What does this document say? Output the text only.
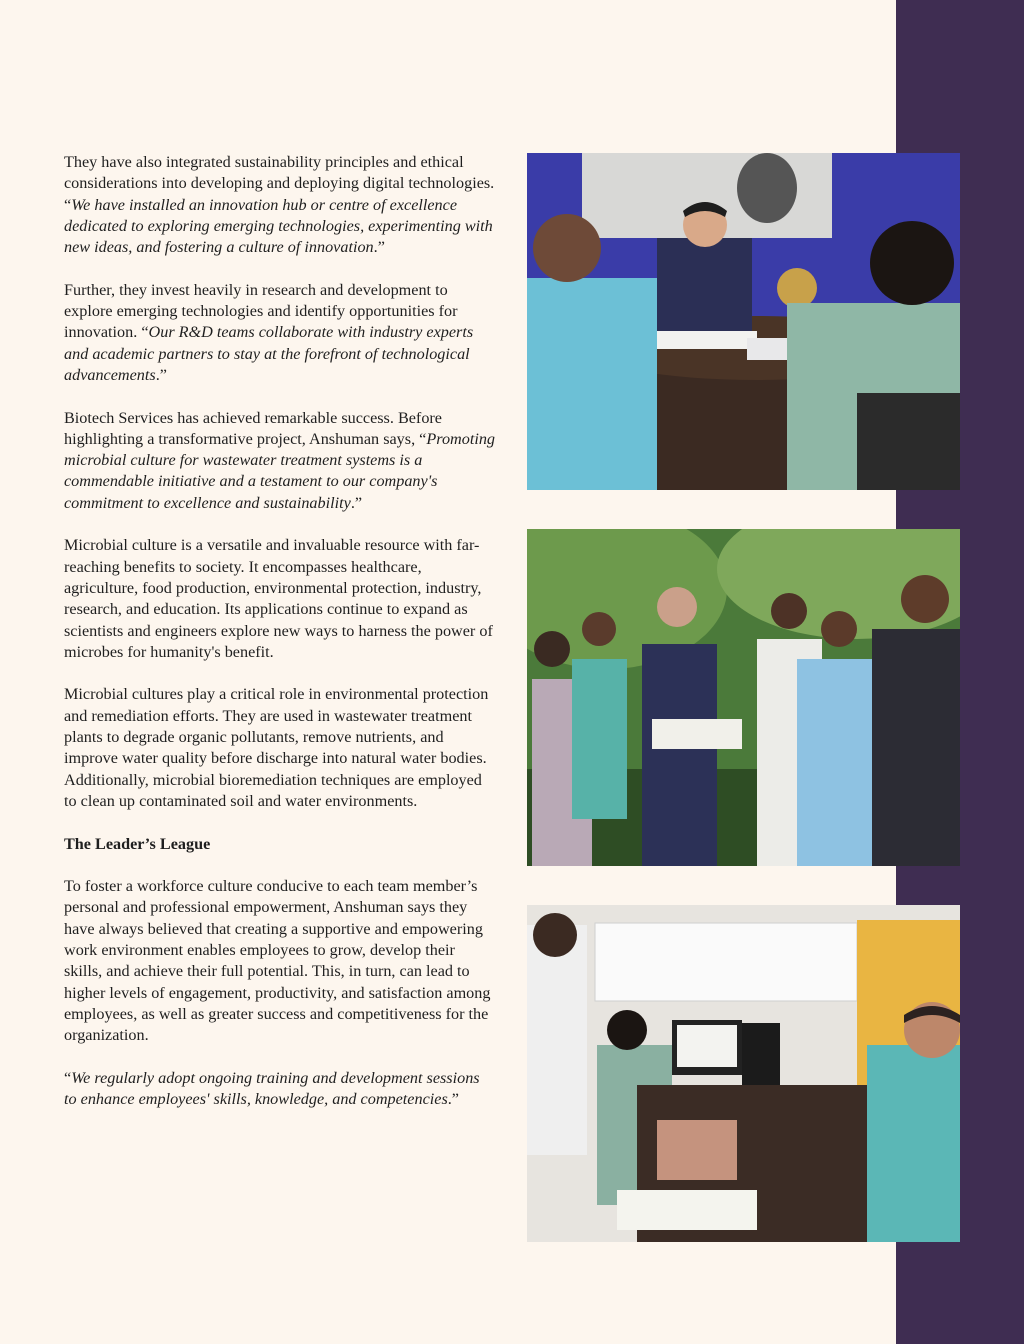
They have also integrated sustainability principles and ethical considerations into developing and deploying digital technologies. “We have installed an innovation hub or centre of excellence dedicated to exploring emerging technologies, experimenting with new ideas, and fostering a culture of innovation.”

Further, they invest heavily in research and development to explore emerging technologies and identify opportunities for innovation. “Our R&D teams collaborate with industry experts and academic partners to stay at the forefront of technological advancements.”

Biotech Services has achieved remarkable success. Before highlighting a transformative project, Anshuman says, “Promoting microbial culture for wastewater treatment systems is a commendable initiative and a testament to our company's commitment to excellence and sustainability.”

Microbial culture is a versatile and invaluable resource with far-reaching benefits to society. It encompasses healthcare, agriculture, food production, environmental protection, industry, research, and education. Its applications continue to expand as scientists and engineers explore new ways to harness the power of microbes for humanity's benefit.

Microbial cultures play a critical role in environmental protection and remediation efforts. They are used in wastewater treatment plants to degrade organic pollutants, remove nutrients, and improve water quality before discharge into natural water bodies. Additionally, microbial bioremediation techniques are employed to clean up contaminated soil and water environments.

The Leader’s League

To foster a workforce culture conducive to each team member’s personal and professional empowerment, Anshuman says they have always believed that creating a supportive and empowering work environment enables employees to grow, develop their skills, and achieve their full potential. This, in turn, can lead to higher levels of engagement, productivity, and satisfaction among employees, as well as greater success and competitiveness for the organization.

“We regularly adopt ongoing training and development sessions to enhance employees' skills, knowledge, and competencies.”
